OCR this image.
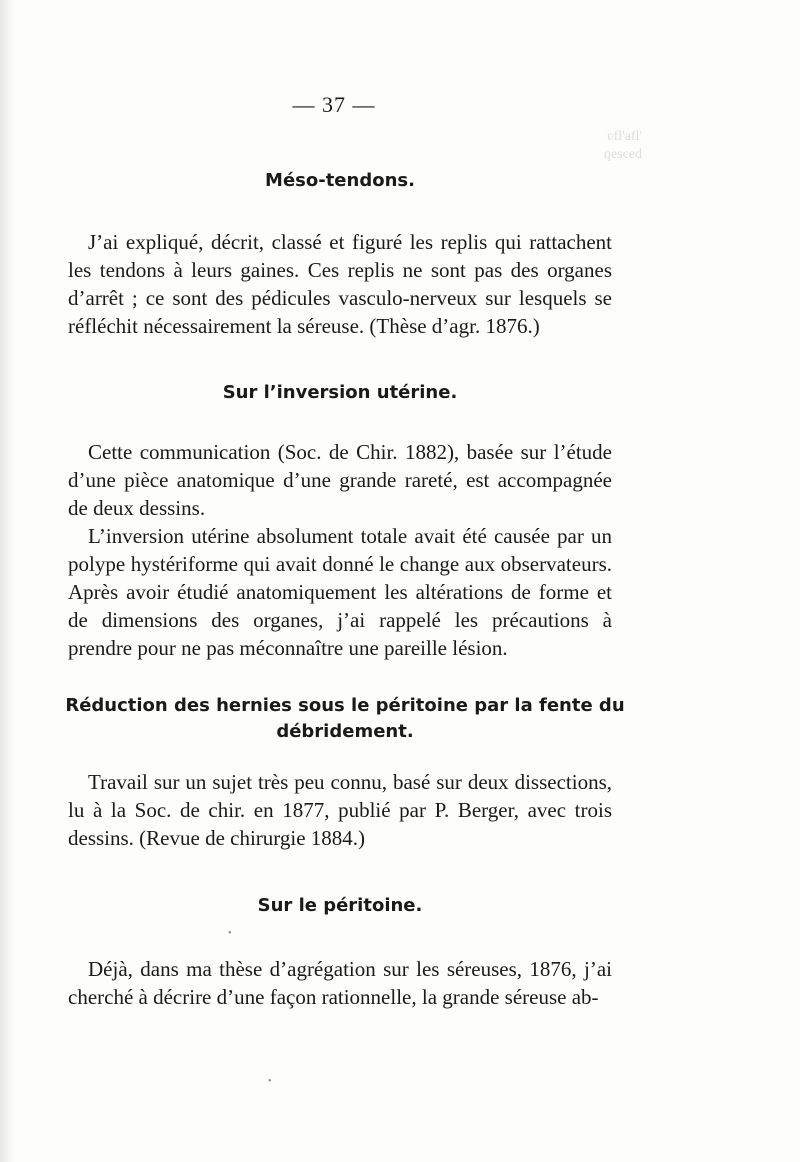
— 37 —
ʋfl'afl'
qesced
Méso-tendons.

J’ai expliqué, décrit, classé et figuré les replis qui rattachent les tendons à leurs gaines. Ces replis ne sont pas des organes d’arrêt ; ce sont des pédicules vasculo-nerveux sur lesquels se réfléchit nécessairement la séreuse. (Thèse d’agr. 1876.)

Sur l’inversion utérine.

Cette communication (Soc. de Chir. 1882), basée sur l’étude d’une pièce anatomique d’une grande rareté, est accompagnée de deux dessins.

L’inversion utérine absolument totale avait été causée par un polype hystériforme qui avait donné le change aux observateurs. Après avoir étudié anatomiquement les altérations de forme et de dimensions des organes, j’ai rappelé les précautions à prendre pour ne pas méconnaître une pareille lésion.

Réduction des hernies sous le péritoine par la fente du débridement.

Travail sur un sujet très peu connu, basé sur deux dissections, lu à la Soc. de chir. en 1877, publié par P. Berger, avec trois dessins. (Revue de chirurgie 1884.)

Sur le péritoine.

Déjà, dans ma thèse d’agrégation sur les séreuses, 1876, j’ai cherché à décrire d’une façon rationnelle, la grande séreuse ab-

•
•
